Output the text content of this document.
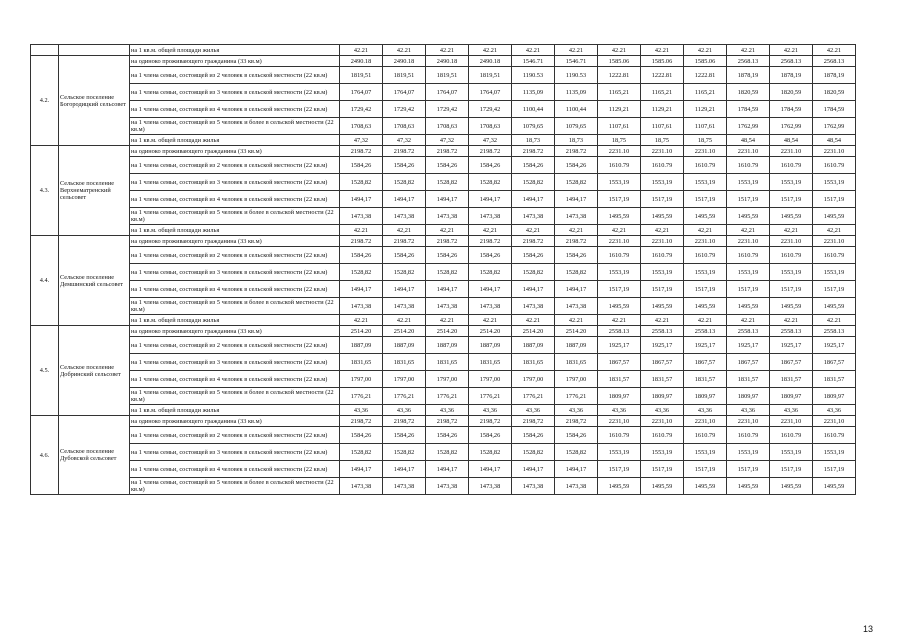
		на 1 кв.м. общей площади жилья	42.21	42.21	42.21	42.21	42.21	42.21	42.21	42.21	42.21	42.21	42.21	42.21
4.2.	Сельское поселение Богородицкий сельсовет	на одиноко проживающего гражданина (33 кв.м)	2490.18	2490.18	2490.18	2490.18	1546.71	1546.71	1585.06	1585.06	1585.06	2568.13	2568.13	2568.13
		на 1 члена семьи, состоящей из 2 человек в сельской местности (22 кв.м)	1819,51	1819,51	1819,51	1819,51	1190.53	1190.53	1222.81	1222.81	1222.81	1878,19	1878,19	1878,19
		на 1 члена семьи, состоящей из 3 человек в сельской местности (22 кв.м)	1764,07	1764,07	1764,07	1764,07	1135,09	1135,09	1165,21	1165,21	1165,21	1820,59	1820,59	1820,59
		на 1 члена семьи, состоящей из 4 человек в сельской местности (22 кв.м)	1729,42	1729,42	1729,42	1729,42	1100,44	1100,44	1129,21	1129,21	1129,21	1784,59	1784,59	1784,59
		на 1 члена семьи, состоящей из 5 человек и более в сельской местности (22 кв.м)	1708,63	1708,63	1708,63	1708,63	1079,65	1079,65	1107,61	1107,61	1107,61	1762,99	1762,99	1762,99
		на 1 кв.м. общей площади жилья	47,32	47,32	47,32	47,32	18,73	18,73	18,75	18,75	18,75	48,54	48,54	48,54
4.3.	Сельское поселение Верхнематренский сельсовет	на одиноко проживающего гражданина (33 кв.м)	2198.72	2198.72	2198.72	2198.72	2198.72	2198.72	2231.10	2231.10	2231.10	2231.10	2231.10	2231.10
		на 1 члена семьи, состоящей из 2 человек в сельской местности (22 кв.м)	1584,26	1584,26	1584,26	1584,26	1584,26	1584,26	1610.79	1610.79	1610.79	1610.79	1610.79	1610.79
		на 1 члена семьи, состоящей из 3 человек в сельской местности (22 кв.м)	1528,82	1528,82	1528,82	1528,82	1528,82	1528,82	1553,19	1553,19	1553,19	1553,19	1553,19	1553,19
		на 1 члена семьи, состоящей из 4 человек в сельской местности (22 кв.м)	1494,17	1494,17	1494,17	1494,17	1494,17	1494,17	1517,19	1517,19	1517,19	1517,19	1517,19	1517,19
		на 1 члена семьи, состоящей из 5 человек и более в сельской местности (22 кв.м)	1473,38	1473,38	1473,38	1473,38	1473,38	1473,38	1495,59	1495,59	1495,59	1495,59	1495,59	1495,59
		на 1 кв.м. общей площади жилья	42.21	42,21	42,21	42,21	42,21	42,21	42,21	42,21	42,21	42,21	42,21	42,21
4.4.	Сельское поселение Демшинский сельсовет	на одиноко проживающего гражданина (33 кв.м)	2198.72	2198.72	2198.72	2198.72	2198.72	2198.72	2231.10	2231.10	2231.10	2231.10	2231.10	2231.10
		на 1 члена семьи, состоящей из 2 человек в сельской местности (22 кв.м)	1584,26	1584,26	1584,26	1584,26	1584,26	1584,26	1610.79	1610.79	1610.79	1610.79	1610.79	1610.79
		на 1 члена семьи, состоящей из 3 человек в сельской местности (22 кв.м)	1528,82	1528,82	1528,82	1528,82	1528,82	1528,82	1553,19	1553,19	1553,19	1553,19	1553,19	1553,19
		на 1 члена семьи, состоящей из 4 человек в сельской местности (22 кв.м)	1494,17	1494,17	1494,17	1494,17	1494,17	1494,17	1517,19	1517,19	1517,19	1517,19	1517,19	1517,19
		на 1 члена семьи, состоящей из 5 человек и более в сельской местности (22 кв.м)	1473,38	1473,38	1473,38	1473,38	1473,38	1473,38	1495,59	1495,59	1495,59	1495,59	1495,59	1495,59
		на 1 кв.м. общей площади жилья	42.21	42.21	42.21	42.21	42.21	42.21	42.21	42.21	42.21	42.21	42.21	42.21
4.5.	Сельское поселение Добринский сельсовет	на одиноко проживающего гражданина (33 кв.м)	2514.20	2514.20	2514.20	2514.20	2514.20	2514.20	2558.13	2558.13	2558.13	2558.13	2558.13	2558.13
		на 1 члена семьи, состоящей из 2 человек в сельской местности (22 кв.м)	1887,09	1887,09	1887,09	1887,09	1887,09	1887,09	1925,17	1925,17	1925,17	1925,17	1925,17	1925,17
		на 1 члена семьи, состоящей из 3 человек в сельской местности (22 кв.м)	1831,65	1831,65	1831,65	1831,65	1831,65	1831,65	1867,57	1867,57	1867,57	1867,57	1867,57	1867,57
		на 1 члена семьи, состоящей из 4 человек в сельской местности (22 кв.м)	1797,00	1797,00	1797,00	1797,00	1797,00	1797,00	1831,57	1831,57	1831,57	1831,57	1831,57	1831,57
		на 1 члена семьи, состоящей из 5 человек и более в сельской местности (22 кв.м)	1776,21	1776,21	1776,21	1776,21	1776,21	1776,21	1809,97	1809,97	1809,97	1809,97	1809,97	1809,97
		на 1 кв.м. общей площади жилья	43,36	43,36	43,36	43,36	43,36	43,36	43,36	43,36	43,36	43,36	43,36	43,36
4.6.	Сельское поселение Дубовской сельсовет	на одиноко проживающего гражданина (33 кв.м)	2198,72	2198,72	2198,72	2198,72	2198,72	2198,72	2231,10	2231,10	2231,10	2231,10	2231,10	2231,10
		на 1 члена семьи, состоящей из 2 человек в сельской местности (22 кв.м)	1584,26	1584,26	1584,26	1584,26	1584,26	1584,26	1610.79	1610.79	1610.79	1610.79	1610.79	1610.79
		на 1 члена семьи, состоящей из 3 человек в сельской местности (22 кв.м)	1528,82	1528,82	1528,82	1528,82	1528,82	1528,82	1553,19	1553,19	1553,19	1553,19	1553,19	1553,19
		на 1 члена семьи, состоящей из 4 человек в сельской местности (22 кв.м)	1494,17	1494,17	1494,17	1494,17	1494,17	1494,17	1517,19	1517,19	1517,19	1517,19	1517,19	1517,19
		на 1 члена семьи, состоящей из 5 человек и более в сельской местности (22 кв.м)	1473,38	1473,38	1473,38	1473,38	1473,38	1473,38	1495,59	1495,59	1495,59	1495,59	1495,59	1495,59
13
